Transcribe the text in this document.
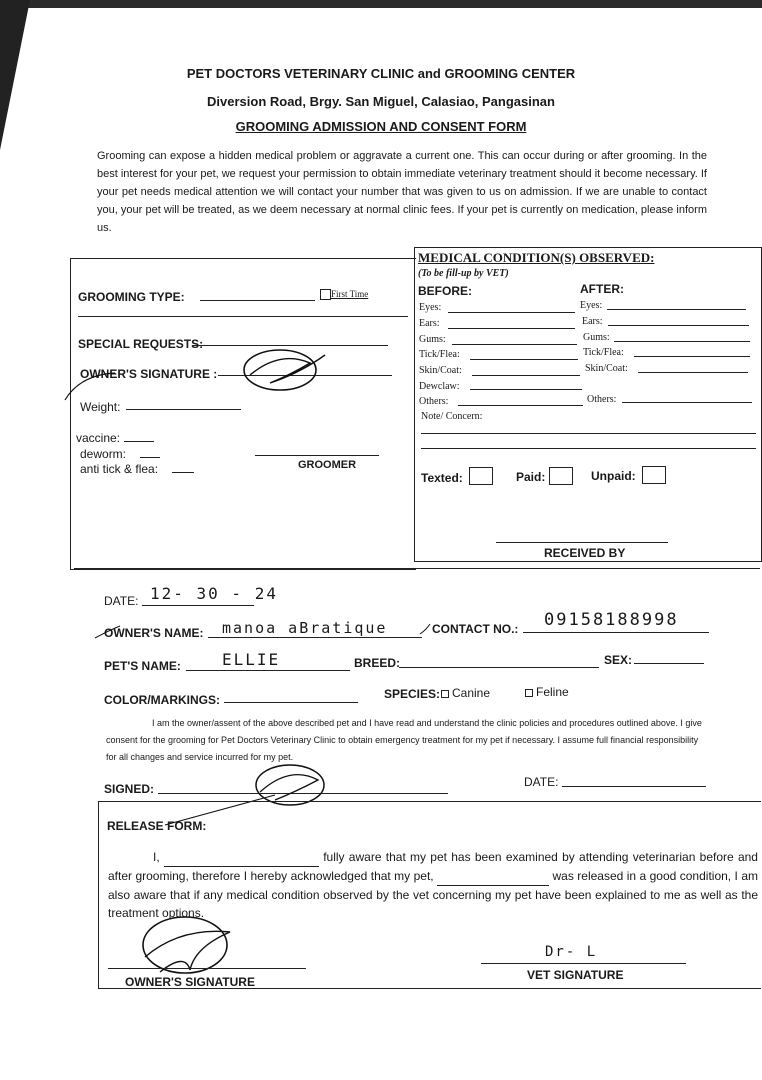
PET DOCTORS VETERINARY CLINIC and GROOMING CENTER
Diversion Road, Brgy. San Miguel, Calasiao, Pangasinan
GROOMING ADMISSION AND CONSENT FORM
Grooming can expose a hidden medical problem or aggravate a current one. This can occur during or after grooming. In the best interest for your pet, we request your permission to obtain immediate veterinary treatment should it become necessary. If your pet needs medical attention we will contact your number that was given to us on admission. If we are unable to contact you, your pet will be treated, as we deem necessary at normal clinic fees. If your pet is currently on medication, please inform us.
GROOMING TYPE:	First Time
SPECIAL REQUESTS:
OWNER'S SIGNATURE :
Weight:
vaccine:
deworm:
anti tick & flea:	GROOMER
MEDICAL CONDITION(S) OBSERVED:
(To be fill-up by VET)
BEFORE:	AFTER:
Eyes:
Ears:
Gums:
Tick/Flea:
Skin/Coat:
Dewclaw:
Others:
Eyes:
Ears:
Gums:
Tick/Flea:
Skin/Coat:
Others:
Note/ Concern:
Texted:	Paid:	Unpaid:
RECEIVED BY
DATE: 12- 30 - 24
OWNER'S NAME: manoa aBratique	CONTACT NO.: 09158188998
PET'S NAME:	ELLIE	BREED:	SEX:
COLOR/MARKINGS:	SPECIES: Canine	Feline
I am the owner/assent of the above described pet and I have read and understand the clinic policies and procedures outlined above. I give consent for the grooming for Pet Doctors Veterinary Clinic to obtain emergency treatment for my pet if necessary. I assume full financial responsibility for all changes and service incurred for my pet.
SIGNED:	DATE:
RELEASE FORM:
I,	fully aware that my pet has been examined by attending veterinarian before and after grooming, therefore I hereby acknowledged that my pet,	was released in a good condition, I am also aware that if any medical condition observed by the vet concerning my pet have been explained to me as well as the treatment options.
OWNER'S SIGNATURE
Dr- L
VET SIGNATURE
